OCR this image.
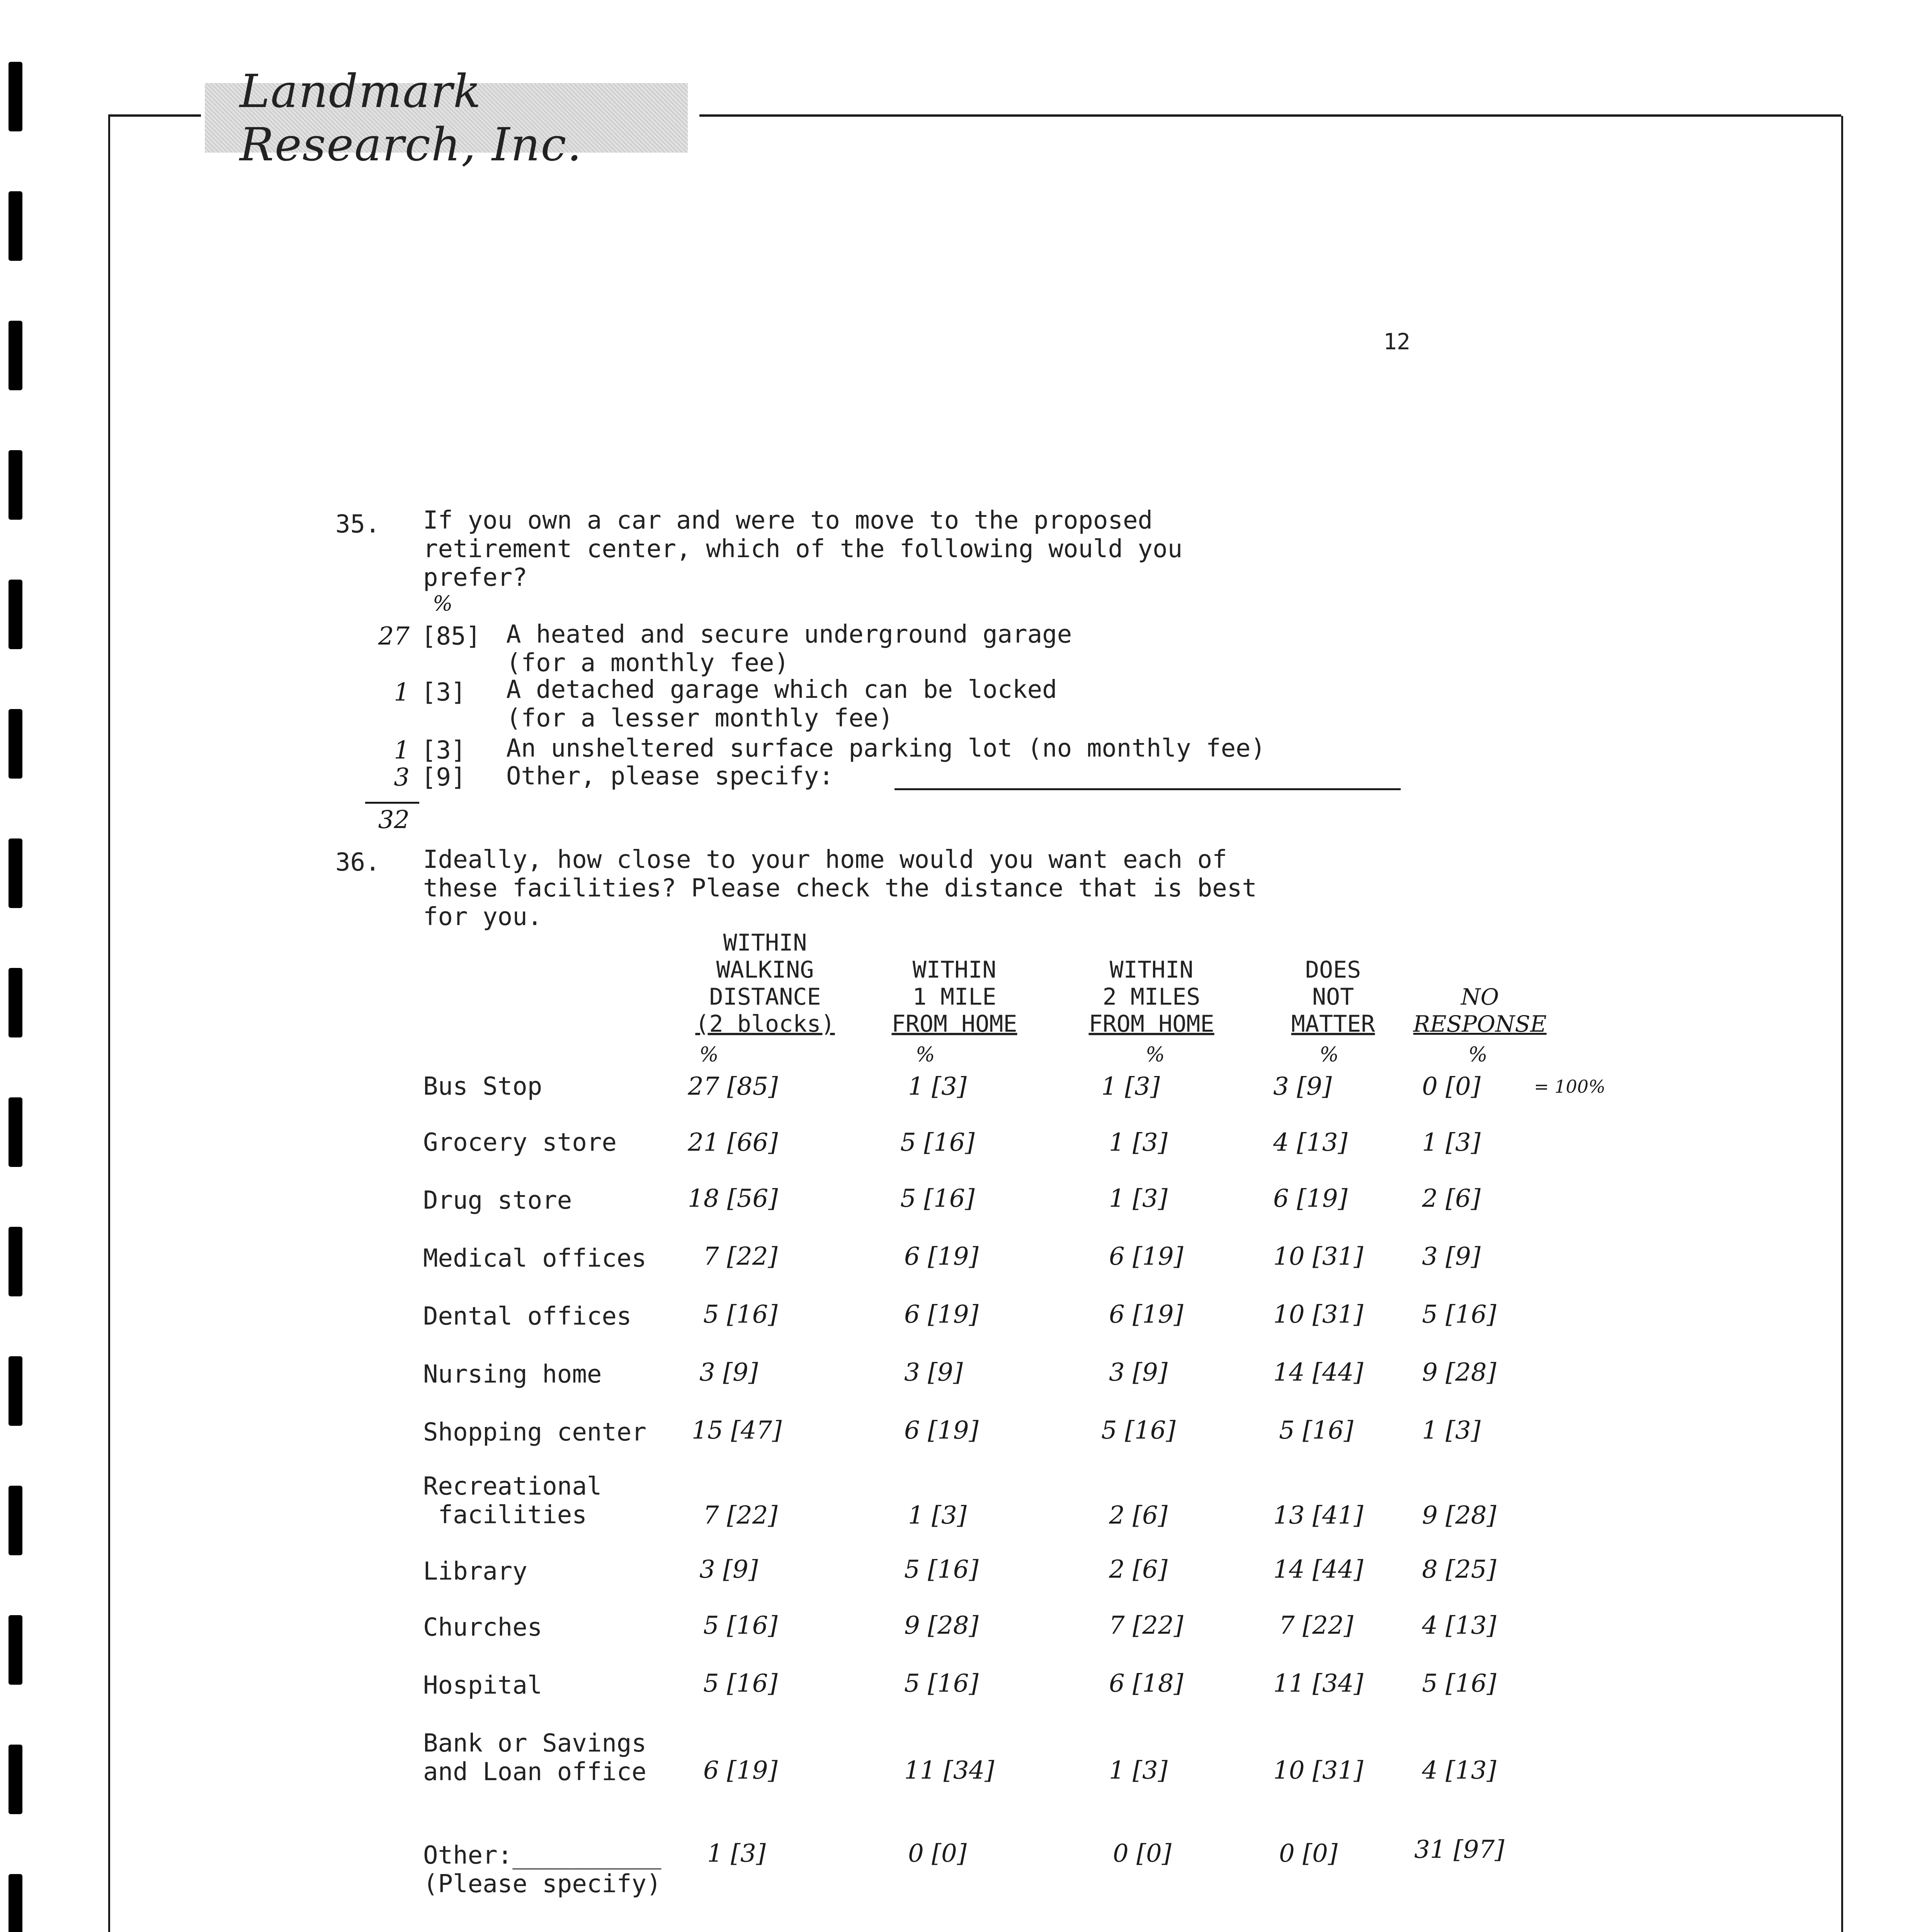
Landmark Research, Inc.
12
35. If you own a car and were to move to the proposed
retirement center, which of the following would you
prefer?
%
27 [85] A heated and secure underground garage
(for a monthly fee)
1 [3] A detached garage which can be locked
(for a lesser monthly fee)
1 [3] An unsheltered surface parking lot (no monthly fee)
3 [9] Other, please specify:
32
36. Ideally, how close to your home would you want each of
these facilities? Please check the distance that is best
for you.
WITHIN
WALKING
DISTANCE
(2 blocks)
WITHIN
1 MILE
FROM HOME
WITHIN
2 MILES
FROM HOME
DOES
NOT
MATTER
NO
RESPONSE
%	%	%	%	%
Bus Stop	27 [85]	1 [3]	1 [3]	3 [9]	0 [0]	= 100%
Grocery store	21 [66]	5 [16]	1 [3]	4 [13]	1 [3]
Drug store	18 [56]	5 [16]	1 [3]	6 [19]	2 [6]
Medical offices 7 [22]	6 [19]	6 [19]	10 [31] 3 [9]
Dental offices	5 [16]	6 [19]	6 [19]	10 [31] 5 [16]
Nursing home	3 [9]	3 [9]	3 [9]	14 [44] 9 [28]
Shopping center 15 [47]	6 [19]	5 [16]	5 [16]	1 [3]
Recreational
facilities	7 [22]	1 [3]	2 [6]	13 [41] 9 [28]
Library	3 [9]	5 [16]	2 [6]	14 [44] 8 [25]
Churches	5 [16]	9 [28]	7 [22]	7 [22]	4 [13]
Hospital	5 [16]	5 [16]	6 [18]	11 [34] 5 [16]
Bank or Savings
and Loan office 6 [19]	11 [34]	1 [3]	10 [31] 4 [13]
Other:__________
(Please specify)
1 [3]	0 [0]	0 [0]	0 [0]	31 [97]
